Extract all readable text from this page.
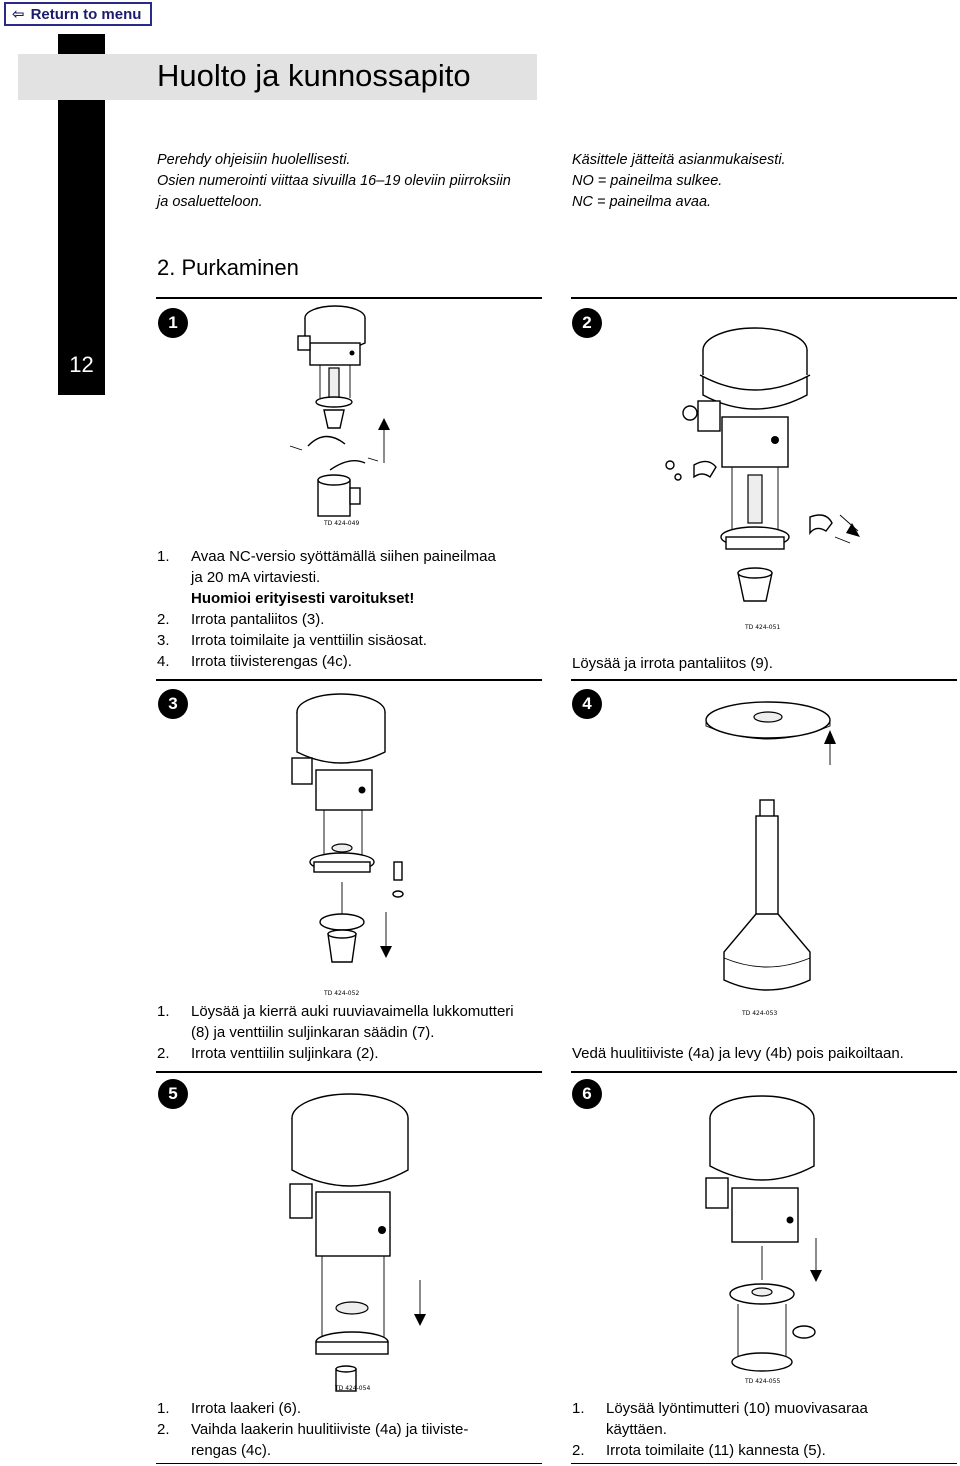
⇦ Return to menu
12
Huolto ja kunnossapito
Perehdy ohjeisiin huolellisesti.
Osien numerointi viittaa sivuilla 16–19 oleviin piirroksiin
ja osaluetteloon.
Käsittele jätteitä asianmukaisesti.
NO = paineilma sulkee.
NC = paineilma avaa.
2. Purkaminen
1	2
3	4
5	6
TD 424-049
1.	Avaa NC-versio syöttämällä siihen paineilmaa
ja 20 mA virtaviesti.
Huomioi erityisesti varoitukset!
2.	Irrota pantaliitos (3).
3.	Irrota toimilaite ja venttiilin sisäosat.
4.	Irrota tiivisterengas (4c).
TD 424-051
Löysää ja irrota pantaliitos (9).
TD 424-052
1.	Löysää ja kierrä auki ruuviavaimella lukkomutteri
(8) ja venttiilin suljinkaran säädin (7).
2.	Irrota venttiilin suljinkara (2).
TD 424-053
Vedä huulitiiviste (4a) ja levy (4b) pois paikoiltaan.
TD 424-054
1.	Irrota laakeri (6).
2.	Vaihda laakerin huulitiiviste (4a) ja tiiviste-
rengas (4c).
TD 424-055
1.	Löysää lyöntimutteri (10) muovivasaraa
käyttäen.
2.	Irrota toimilaite (11) kannesta (5).
